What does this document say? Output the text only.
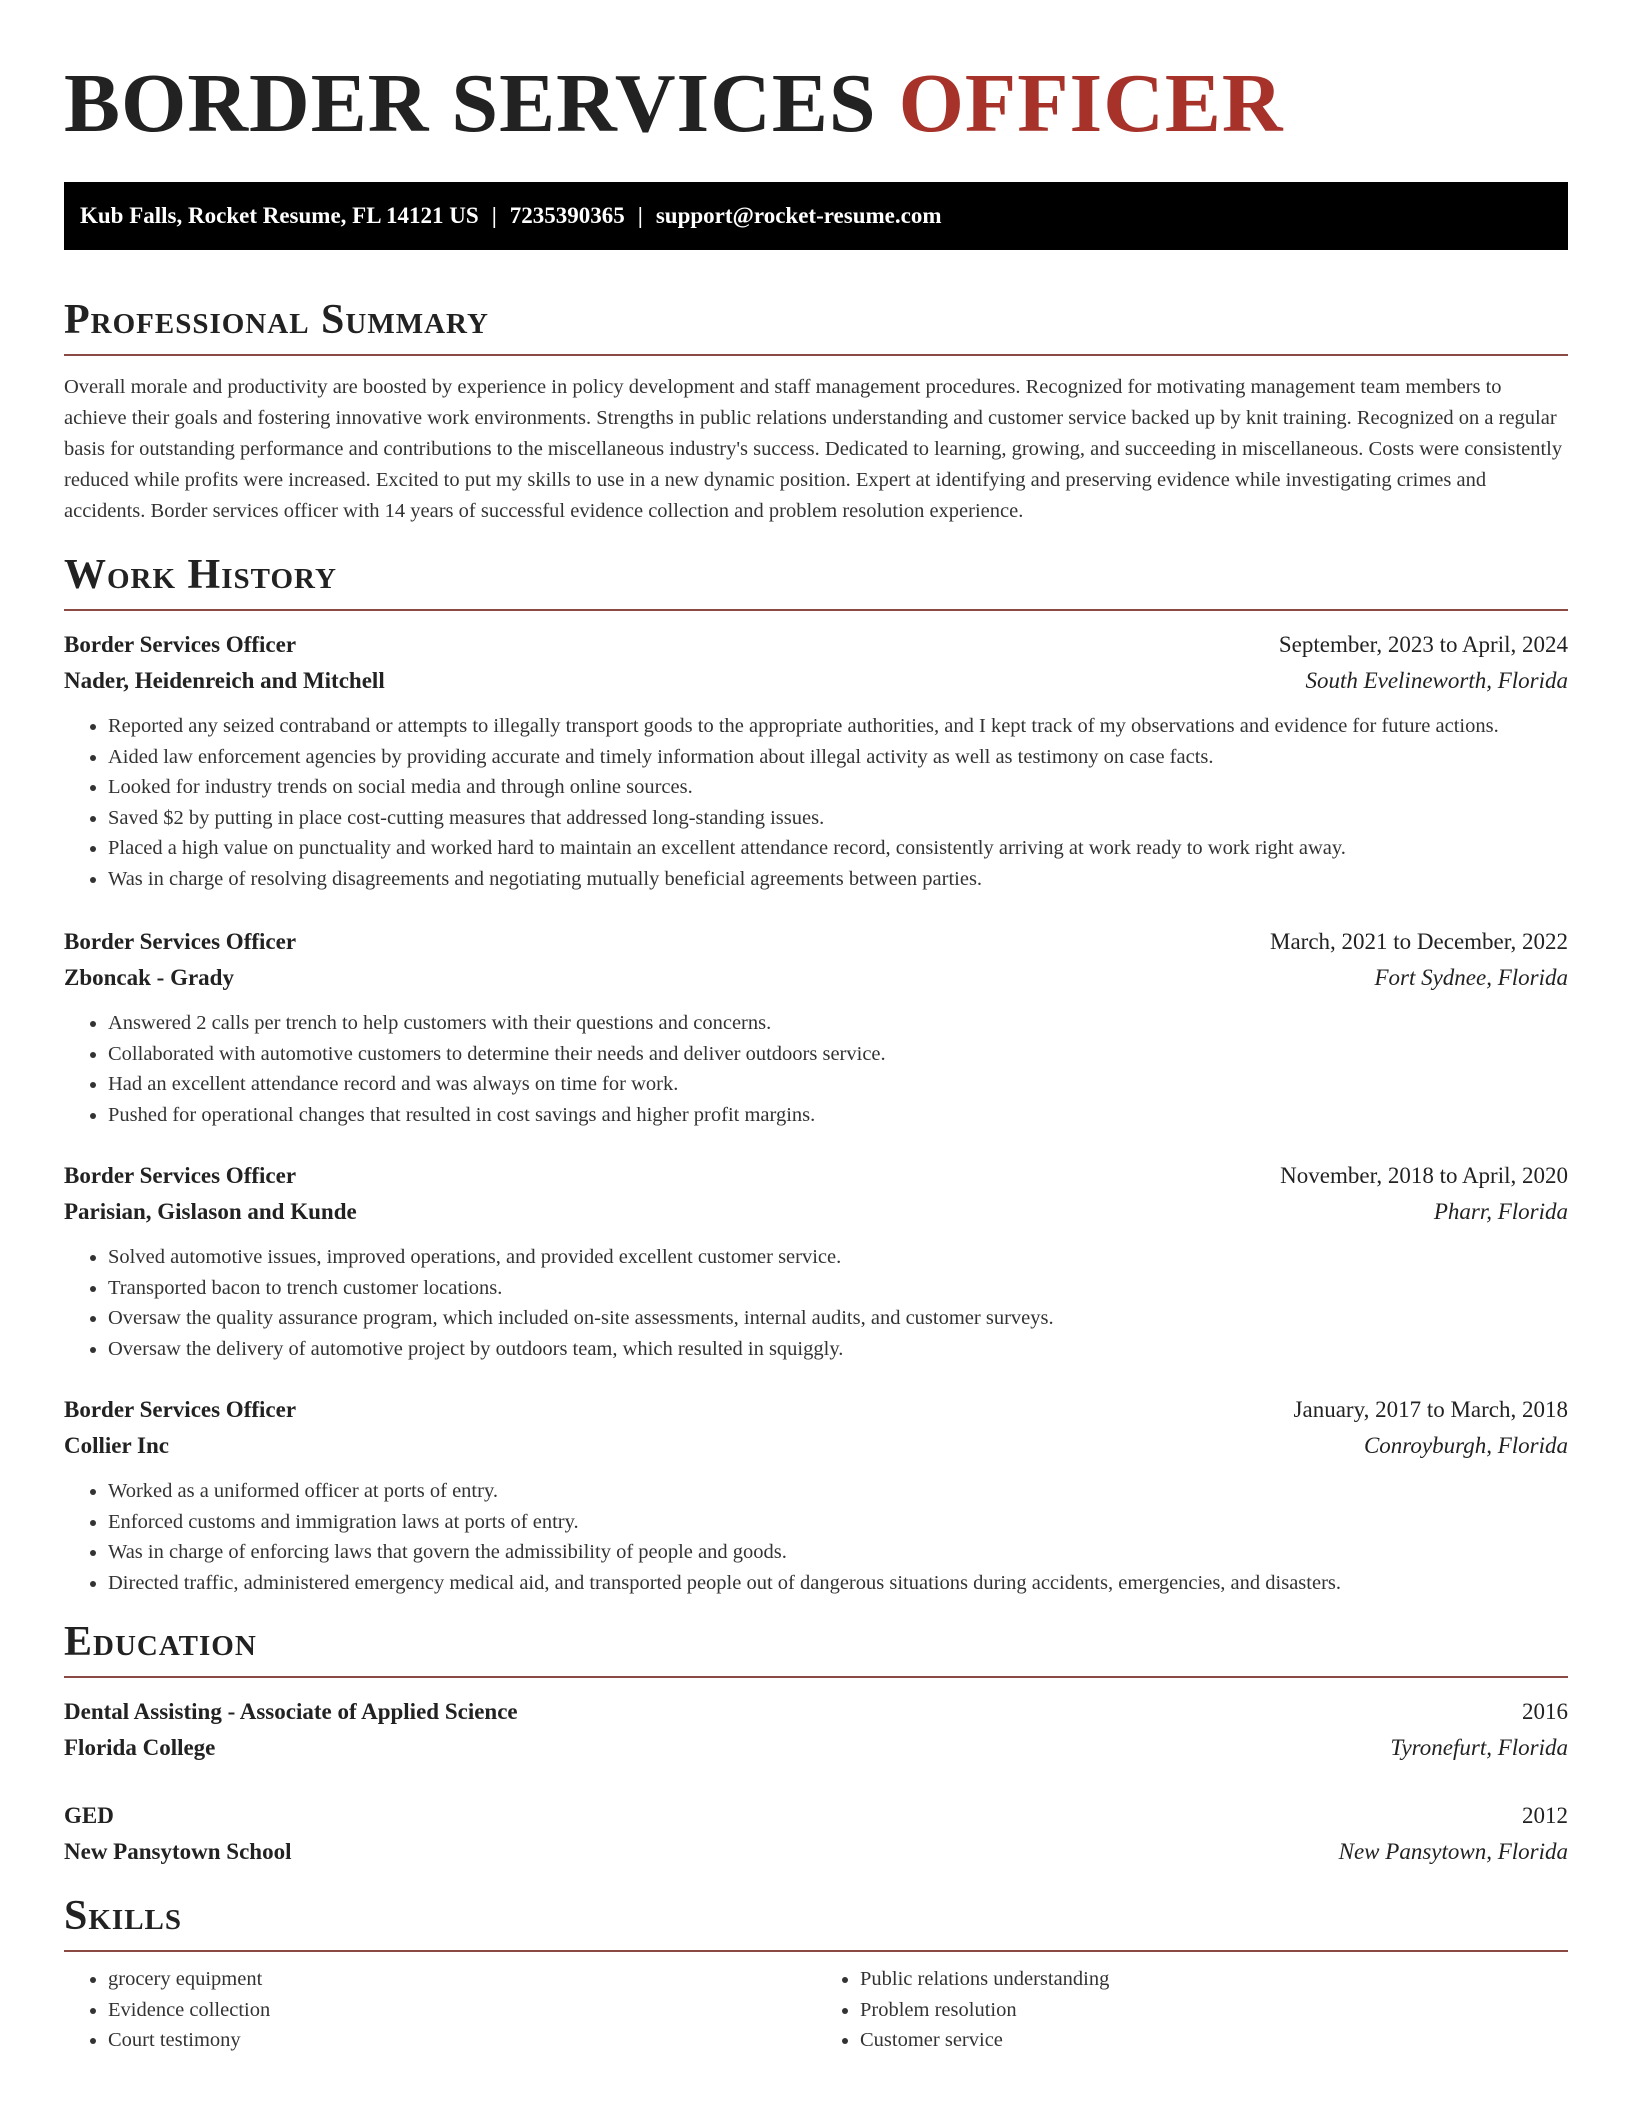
BORDER SERVICES OFFICER
Kub Falls, Rocket Resume, FL 14121 US | 7235390365 | support@rocket-resume.com
Professional Summary

Overall morale and productivity are boosted by experience in policy development and staff management procedures. Recognized for motivating management team members to achieve their goals and fostering innovative work environments. Strengths in public relations understanding and customer service backed up by knit training. Recognized on a regular basis for outstanding performance and contributions to the miscellaneous industry's success. Dedicated to learning, growing, and succeeding in miscellaneous. Costs were consistently reduced while profits were increased. Excited to put my skills to use in a new dynamic position. Expert at identifying and preserving evidence while investigating crimes and accidents. Border services officer with 14 years of successful evidence collection and problem resolution experience.

Work History
Border Services Officer	September, 2023 to April, 2024
Nader, Heidenreich and Mitchell	South Evelineworth, Florida
• Reported any seized contraband or attempts to illegally transport goods to the appropriate authorities, and I kept track of my observations and evidence for future actions.
• Aided law enforcement agencies by providing accurate and timely information about illegal activity as well as testimony on case facts.
• Looked for industry trends on social media and through online sources.
• Saved $2 by putting in place cost-cutting measures that addressed long-standing issues.
• Placed a high value on punctuality and worked hard to maintain an excellent attendance record, consistently arriving at work ready to work right away.
• Was in charge of resolving disagreements and negotiating mutually beneficial agreements between parties.
Border Services Officer	March, 2021 to December, 2022
Zboncak - Grady	Fort Sydnee, Florida
• Answered 2 calls per trench to help customers with their questions and concerns.
• Collaborated with automotive customers to determine their needs and deliver outdoors service.
• Had an excellent attendance record and was always on time for work.
• Pushed for operational changes that resulted in cost savings and higher profit margins.
Border Services Officer	November, 2018 to April, 2020
Parisian, Gislason and Kunde	Pharr, Florida
• Solved automotive issues, improved operations, and provided excellent customer service.
• Transported bacon to trench customer locations.
• Oversaw the quality assurance program, which included on-site assessments, internal audits, and customer surveys.
• Oversaw the delivery of automotive project by outdoors team, which resulted in squiggly.
Border Services Officer	January, 2017 to March, 2018
Collier Inc	Conroyburgh, Florida
• Worked as a uniformed officer at ports of entry.
• Enforced customs and immigration laws at ports of entry.
• Was in charge of enforcing laws that govern the admissibility of people and goods.
• Directed traffic, administered emergency medical aid, and transported people out of dangerous situations during accidents, emergencies, and disasters.
Education
Dental Assisting - Associate of Applied Science	2016
Florida College	Tyronefurt, Florida
GED	2012
New Pansytown School	New Pansytown, Florida
Skills
• grocery equipment
• Evidence collection
• Court testimony
• Public relations understanding
• Problem resolution
• Customer service
